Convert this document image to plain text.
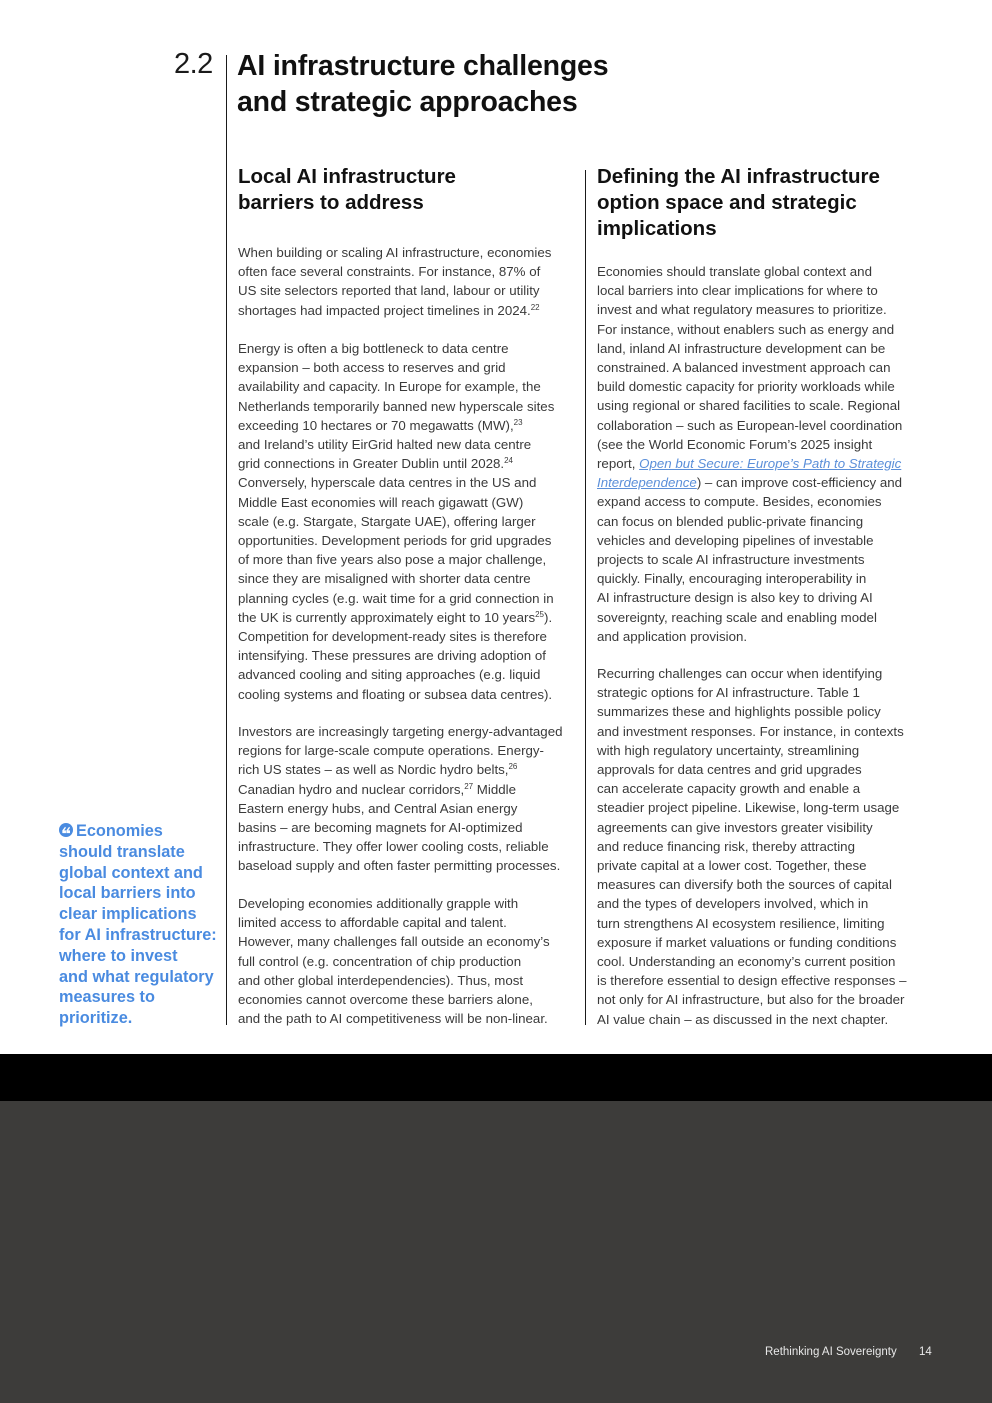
2.2 AI infrastructure challenges
and strategic approaches
Local AI infrastructure
barriers to address
When building or scaling AI infrastructure, economies
often face several constraints. For instance, 87% of
US site selectors reported that land, labour or utility
shortages had impacted project timelines in 2024.22
Energy is often a big bottleneck to data centre
expansion – both access to reserves and grid
availability and capacity. In Europe for example, the
Netherlands temporarily banned new hyperscale sites
exceeding 10 hectares or 70 megawatts (MW),$^{23}$
and Ireland’s utility EirGrid halted new data centre
grid connections in Greater Dublin until 2028.24
Conversely, hyperscale data centres in the US and
Middle East economies will reach gigawatt (GW)
scale (e.g. Stargate, Stargate UAE), offering larger
opportunities. Development periods for grid upgrades
of more than five years also pose a major challenge,
since they are misaligned with shorter data centre
planning cycles (e.g. wait time for a grid connection in
the UK is currently approximately eight to 10 years$^{25}$).
Competition for development-ready sites is therefore
intensifying. These pressures are driving adoption of
advanced cooling and siting approaches (e.g. liquid
cooling systems and floating or subsea data centres).
Investors are increasingly targeting energy-advantaged
regions for large-scale compute operations. Energy-
rich US states – as well as Nordic hydro belts,$^{26}$
Canadian hydro and nuclear corridors,$^{27}$ Middle
Eastern energy hubs, and Central Asian energy
basins – are becoming magnets for AI-optimized
infrastructure. They offer lower cooling costs, reliable
baseload supply and often faster permitting processes.
Developing economies additionally grapple with
limited access to affordable capital and talent.
However, many challenges fall outside an economy’s
full control (e.g. concentration of chip production
and other global interdependencies). Thus, most
economies cannot overcome these barriers alone,
and the path to AI competitiveness will be non-linear.
Defining the AI infrastructure
option space and strategic
implications
Economies should translate global context and
local barriers into clear implications for where to
invest and what regulatory measures to prioritize.
For instance, without enablers such as energy and
land, inland AI infrastructure development can be
constrained. A balanced investment approach can
build domestic capacity for priority workloads while
using regional or shared facilities to scale. Regional
collaboration – such as European-level coordination
(see the World Economic Forum’s 2025 insight
report, Open but Secure: Europe’s Path to Strategic
Interdependence) – can improve cost-efficiency and
expand access to compute. Besides, economies
can focus on blended public-private financing
vehicles and developing pipelines of investable
projects to scale AI infrastructure investments
quickly. Finally, encouraging interoperability in
AI infrastructure design is also key to driving AI
sovereignty, reaching scale and enabling model
and application provision.
Recurring challenges can occur when identifying
strategic options for AI infrastructure. Table 1
summarizes these and highlights possible policy
and investment responses. For instance, in contexts
with high regulatory uncertainty, streamlining
approvals for data centres and grid upgrades
can accelerate capacity growth and enable a
steadier project pipeline. Likewise, long-term usage
agreements can give investors greater visibility
and reduce financing risk, thereby attracting
private capital at a lower cost. Together, these
measures can diversify both the sources of capital
and the types of developers involved, which in
turn strengthens AI ecosystem resilience, limiting
exposure if market valuations or funding conditions
cool. Understanding an economy’s current position
is therefore essential to design effective responses –
not only for AI infrastructure, but also for the broader
AI value chain – as discussed in the next chapter.
Economies
should translate
global context and
local barriers into
clear implications
for AI infrastructure:
where to invest
and what regulatory
measures to
prioritize.
Rethinking AI Sovereignty 14
